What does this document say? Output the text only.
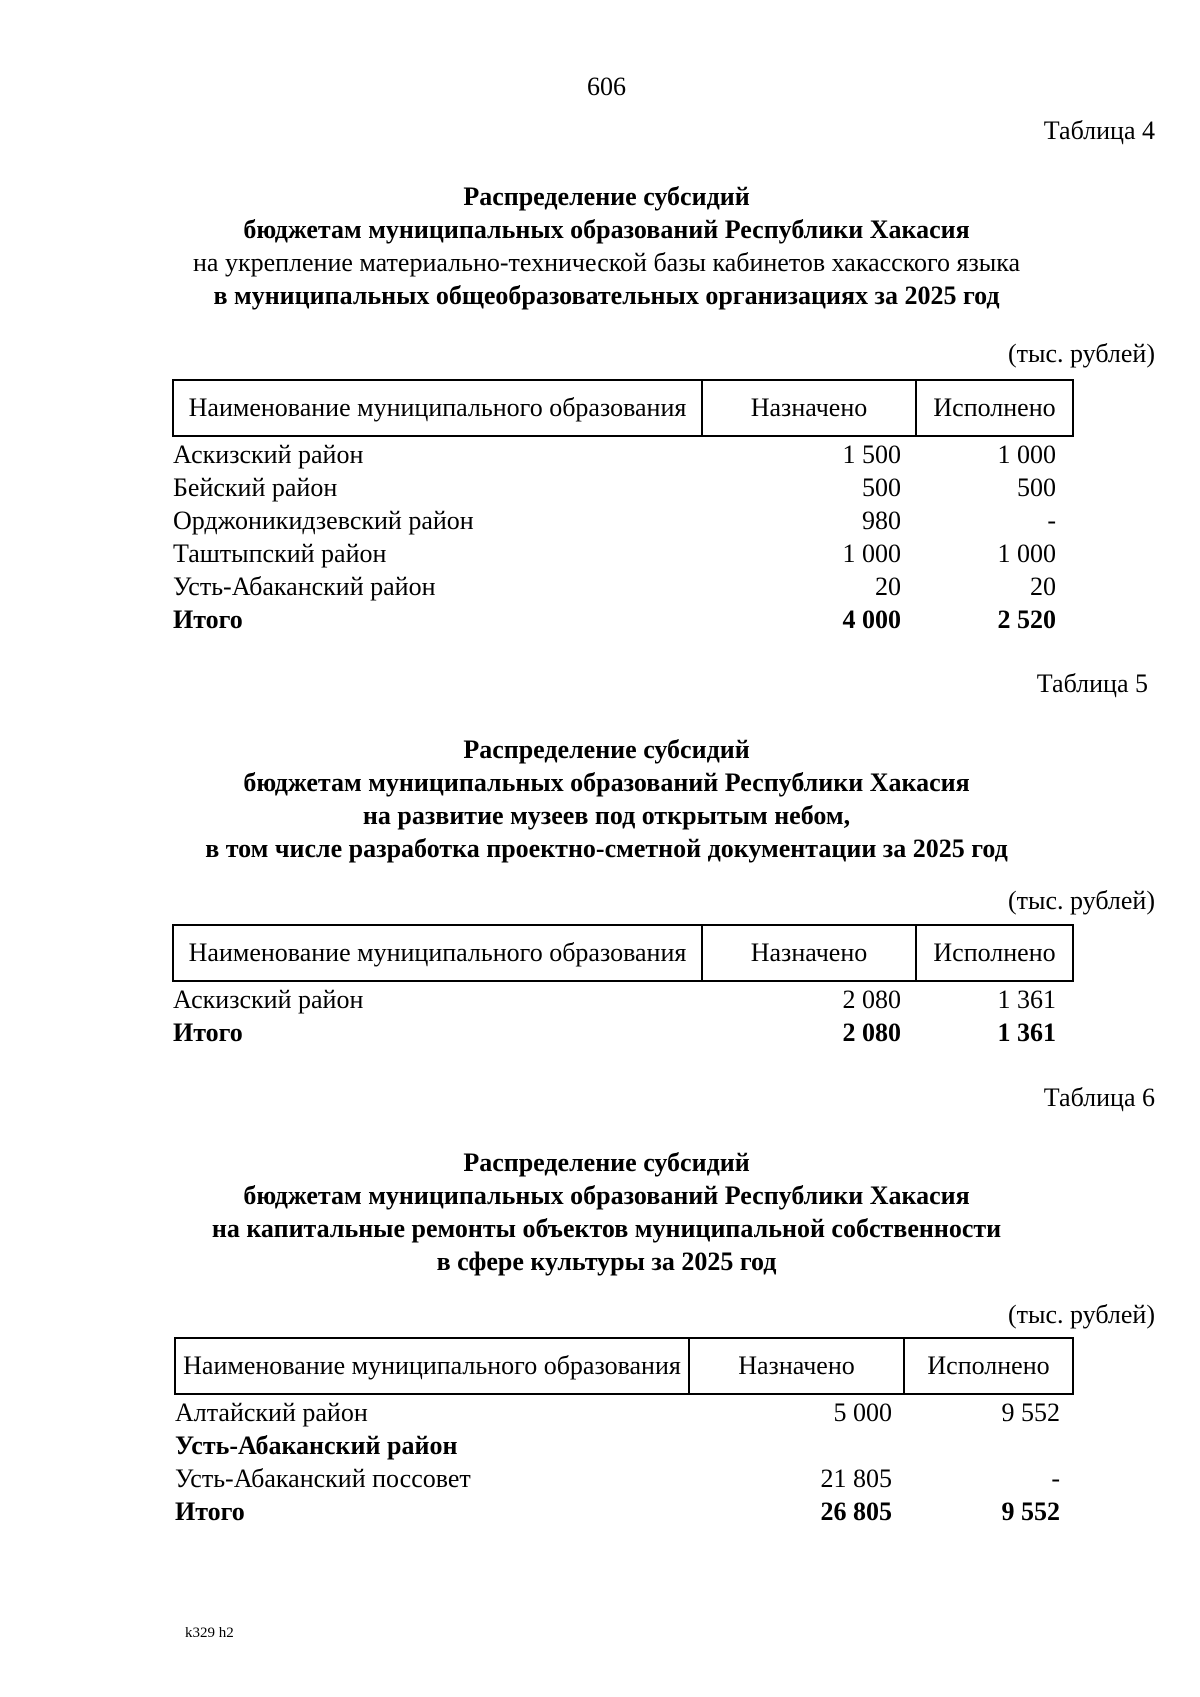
606
Таблица 4
Распределение субсидий
бюджетам муниципальных образований Республики Хакасия
на укрепление материально-технической базы кабинетов хакасского языка
в муниципальных общеобразовательных организациях за 2025 год
(тыс. рублей)
Наименование муниципального образования	Назначено	Исполнено
Аскизский район	1 500	1 000
Бейский район	500	500
Орджоникидзевский район	980	-
Таштыпский район	1 000	1 000
Усть-Абаканский район	20	20
Итого	4 000	2 520
Таблица 5
Распределение субсидий
бюджетам муниципальных образований Республики Хакасия
на развитие музеев под открытым небом,
в том числе разработка проектно-сметной документации за 2025 год
(тыс. рублей)
Наименование муниципального образования	Назначено	Исполнено
Аскизский район	2 080	1 361
Итого	2 080	1 361
Таблица 6
Распределение субсидий
бюджетам муниципальных образований Республики Хакасия
на капитальные ремонты объектов муниципальной собственности
в сфере культуры за 2025 год
(тыс. рублей)
Наименование муниципального образования	Назначено	Исполнено
Алтайский район	5 000	9 552
Усть-Абаканский район
Усть-Абаканский поссовет	21 805	-
Итого	26 805	9 552
k329 h2
